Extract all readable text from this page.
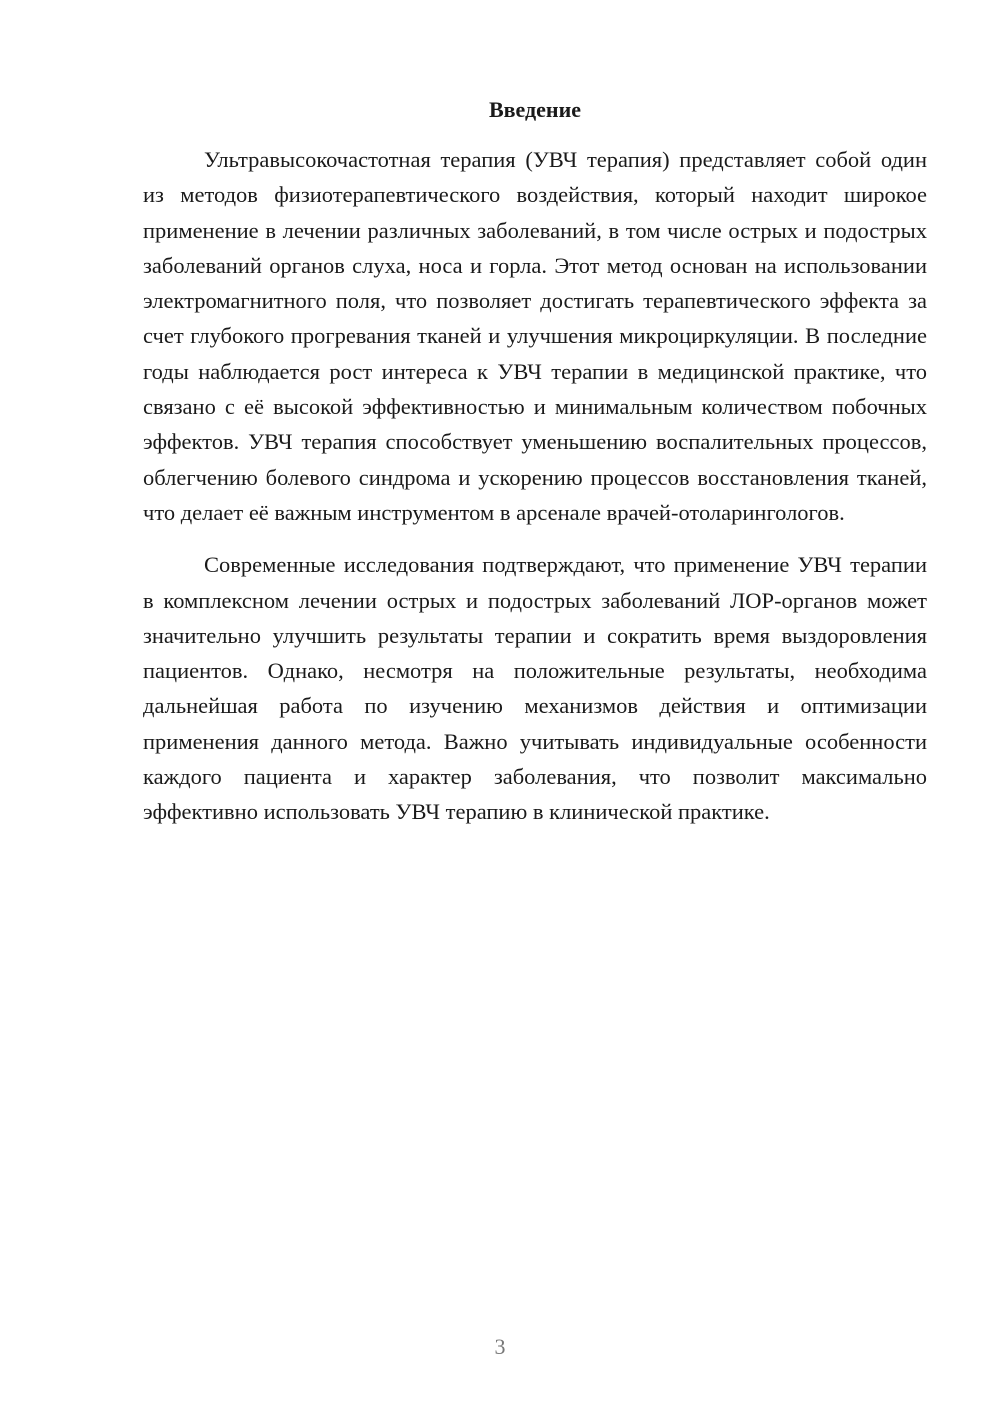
Введение

Ультравысокочастотная терапия (УВЧ терапия) представляет собой один из методов физиотерапевтического воздействия, который находит широкое применение в лечении различных заболеваний, в том числе острых и подострых заболеваний органов слуха, носа и горла. Этот метод основан на использовании электромагнитного поля, что позволяет достигать терапевтического эффекта за счет глубокого прогревания тканей и улучшения микроциркуляции. В последние годы наблюдается рост интереса к УВЧ терапии в медицинской практике, что связано с её высокой эффективностью и минимальным количеством побочных эффектов. УВЧ терапия способствует уменьшению воспалительных процессов, облегчению болевого синдрома и ускорению процессов восстановления тканей, что делает её важным инструментом в арсенале врачей-отоларингологов.

Современные исследования подтверждают, что применение УВЧ терапии в комплексном лечении острых и подострых заболеваний ЛОР-органов может значительно улучшить результаты терапии и сократить время выздоровления пациентов. Однако, несмотря на положительные результаты, необходима дальнейшая работа по изучению механизмов действия и оптимизации применения данного метода. Важно учитывать индивидуальные особенности каждого пациента и характер заболевания, что позволит максимально эффективно использовать УВЧ терапию в клинической практике.

3
